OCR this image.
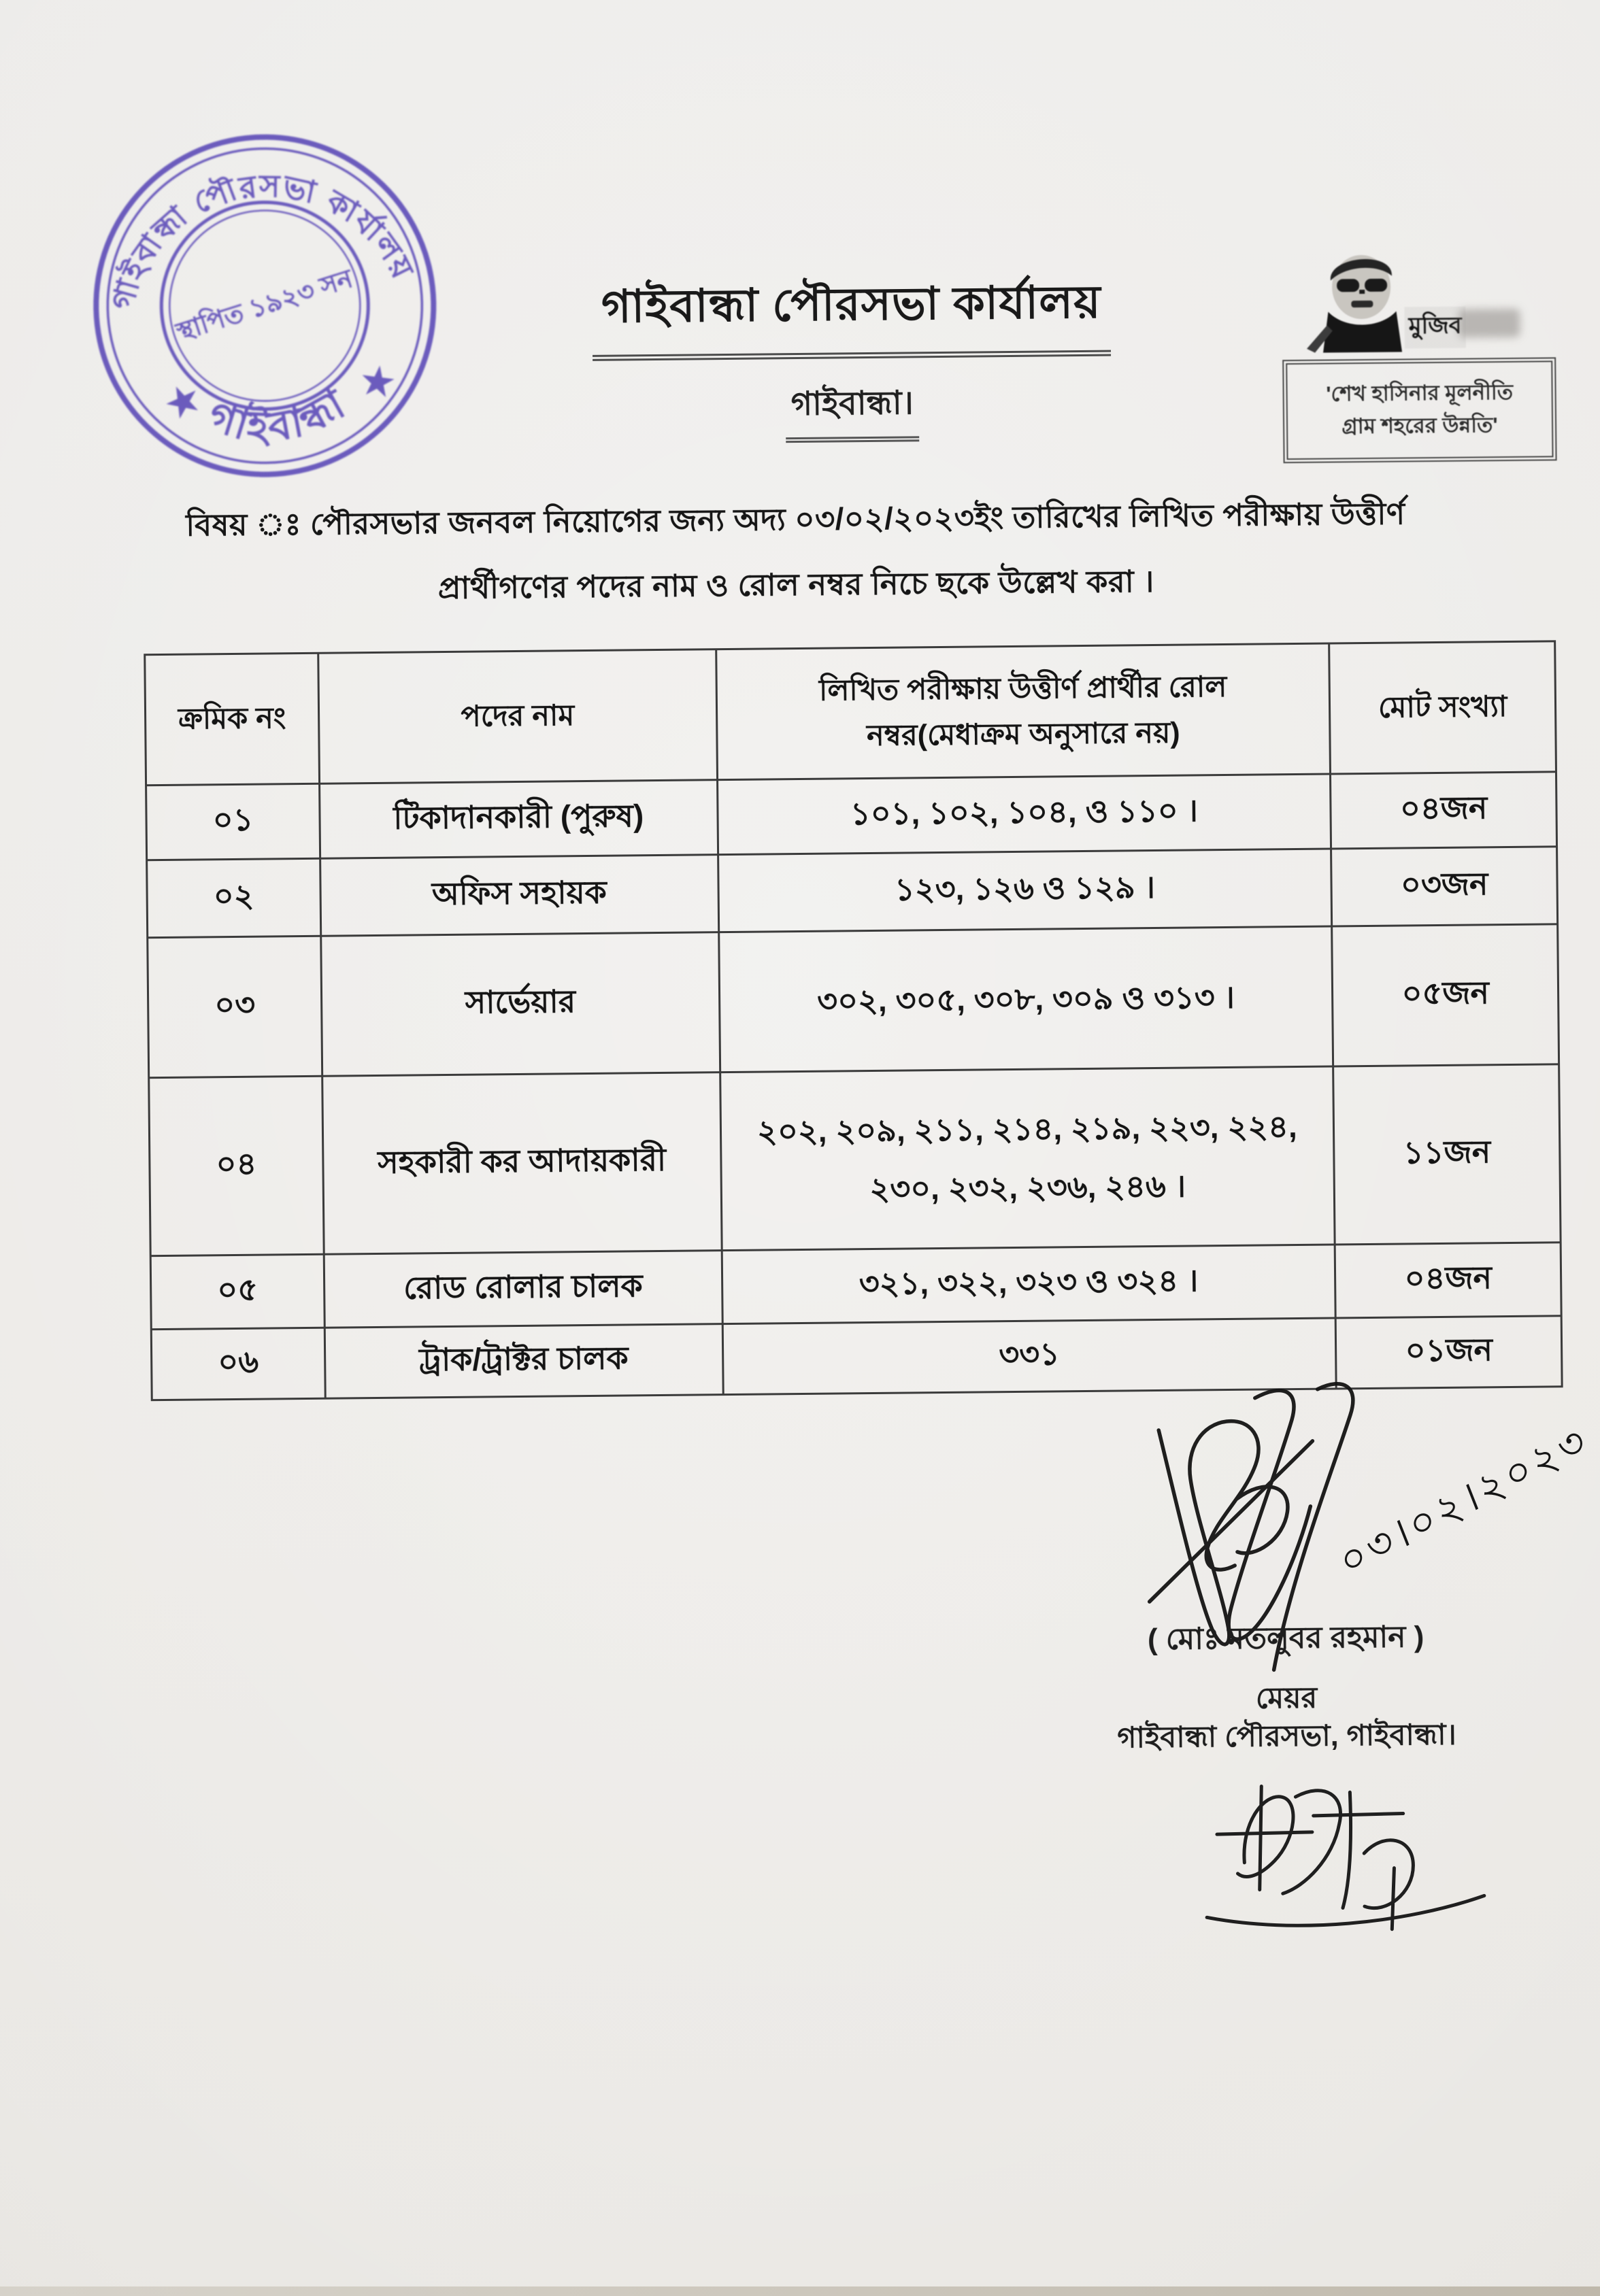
গাইবান্ধা পৌরসভা কার্যালয়
গাইবান্ধা
স্থাপিত ১৯২৩ সন
★	★
গাইবান্ধা পৌরসভা কার্যালয়
গাইবান্ধা।
মুজিব
'শেখ হাসিনার মূলনীতি
গ্রাম শহরের উন্নতি'
বিষয় ঃ পৌরসভার জনবল নিয়োগের জন্য অদ্য ০৩/০২/২০২৩ইং তারিখের লিখিত পরীক্ষায় উত্তীর্ণ
প্রার্থীগণের পদের নাম ও রোল নম্বর নিচে ছকে উল্লেখ করা ।
ক্রমিক নং	পদের নাম	লিখিত পরীক্ষায় উত্তীর্ণ প্রার্থীর রোল নম্বর(মেধাক্রম অনুসারে নয়)	মোট সংখ্যা
০১	টিকাদানকারী (পুরুষ)	১০১, ১০২, ১০৪, ও ১১০ ।	০৪জন
০২	অফিস সহায়ক	১২৩, ১২৬ ও ১২৯ ।	০৩জন
০৩	সার্ভেয়ার	৩০২, ৩০৫, ৩০৮, ৩০৯ ও ৩১৩ ।	০৫জন
০৪	সহকারী কর আদায়কারী	২০২, ২০৯, ২১১, ২১৪, ২১৯, ২২৩, ২২৪, ২৩০, ২৩২, ২৩৬, ২৪৬ ।	১১জন
০৫	রোড রোলার চালক	৩২১, ৩২২, ৩২৩ ও ৩২৪ ।	০৪জন
০৬	ট্রাক/ট্রাক্টর চালক	৩৩১	০১জন
০৩।০২।২০২৩
( মোঃ মতলুবর রহমান )
মেয়র
গাইবান্ধা পৌরসভা, গাইবান্ধা।
